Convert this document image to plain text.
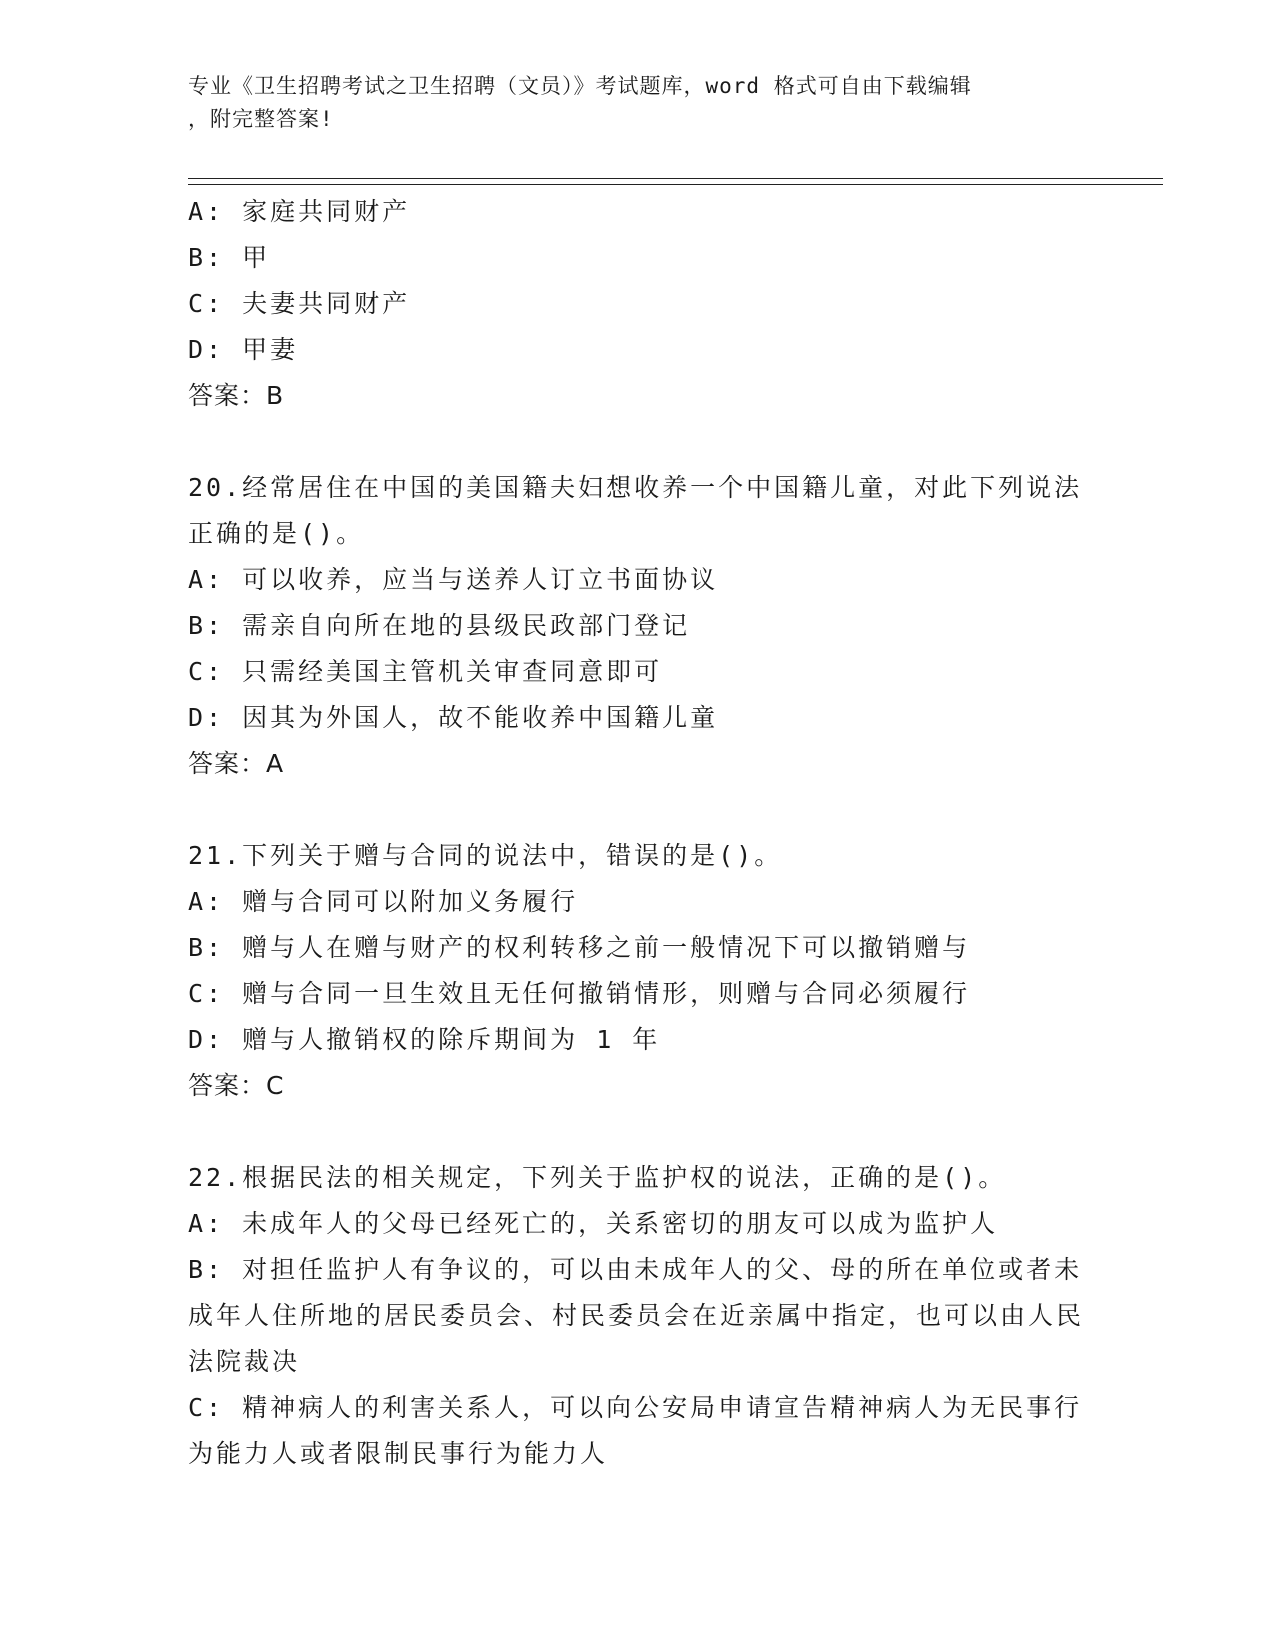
专业《卫生招聘考试之卫生招聘（文员）》考试题库，word 格式可自由下载编辑
，附完整答案!

A: 家庭共同财产

B: 甲

C: 夫妻共同财产

D: 甲妻

答案：B

20.经常居住在中国的美国籍夫妇想收养一个中国籍儿童，对此下列说法正确的是()。

A: 可以收养，应当与送养人订立书面协议

B: 需亲自向所在地的县级民政部门登记

C: 只需经美国主管机关审查同意即可

D: 因其为外国人，故不能收养中国籍儿童

答案：A

21.下列关于赠与合同的说法中，错误的是()。

A: 赠与合同可以附加义务履行

B: 赠与人在赠与财产的权利转移之前一般情况下可以撤销赠与

C: 赠与合同一旦生效且无任何撤销情形，则赠与合同必须履行

D: 赠与人撤销权的除斥期间为 1 年

答案：C

22.根据民法的相关规定，下列关于监护权的说法，正确的是()。

A: 未成年人的父母已经死亡的，关系密切的朋友可以成为监护人

B: 对担任监护人有争议的，可以由未成年人的父、母的所在单位或者未成年人住所地的居民委员会、村民委员会在近亲属中指定，也可以由人民法院裁决

C: 精神病人的利害关系人，可以向公安局申请宣告精神病人为无民事行为能力人或者限制民事行为能力人
